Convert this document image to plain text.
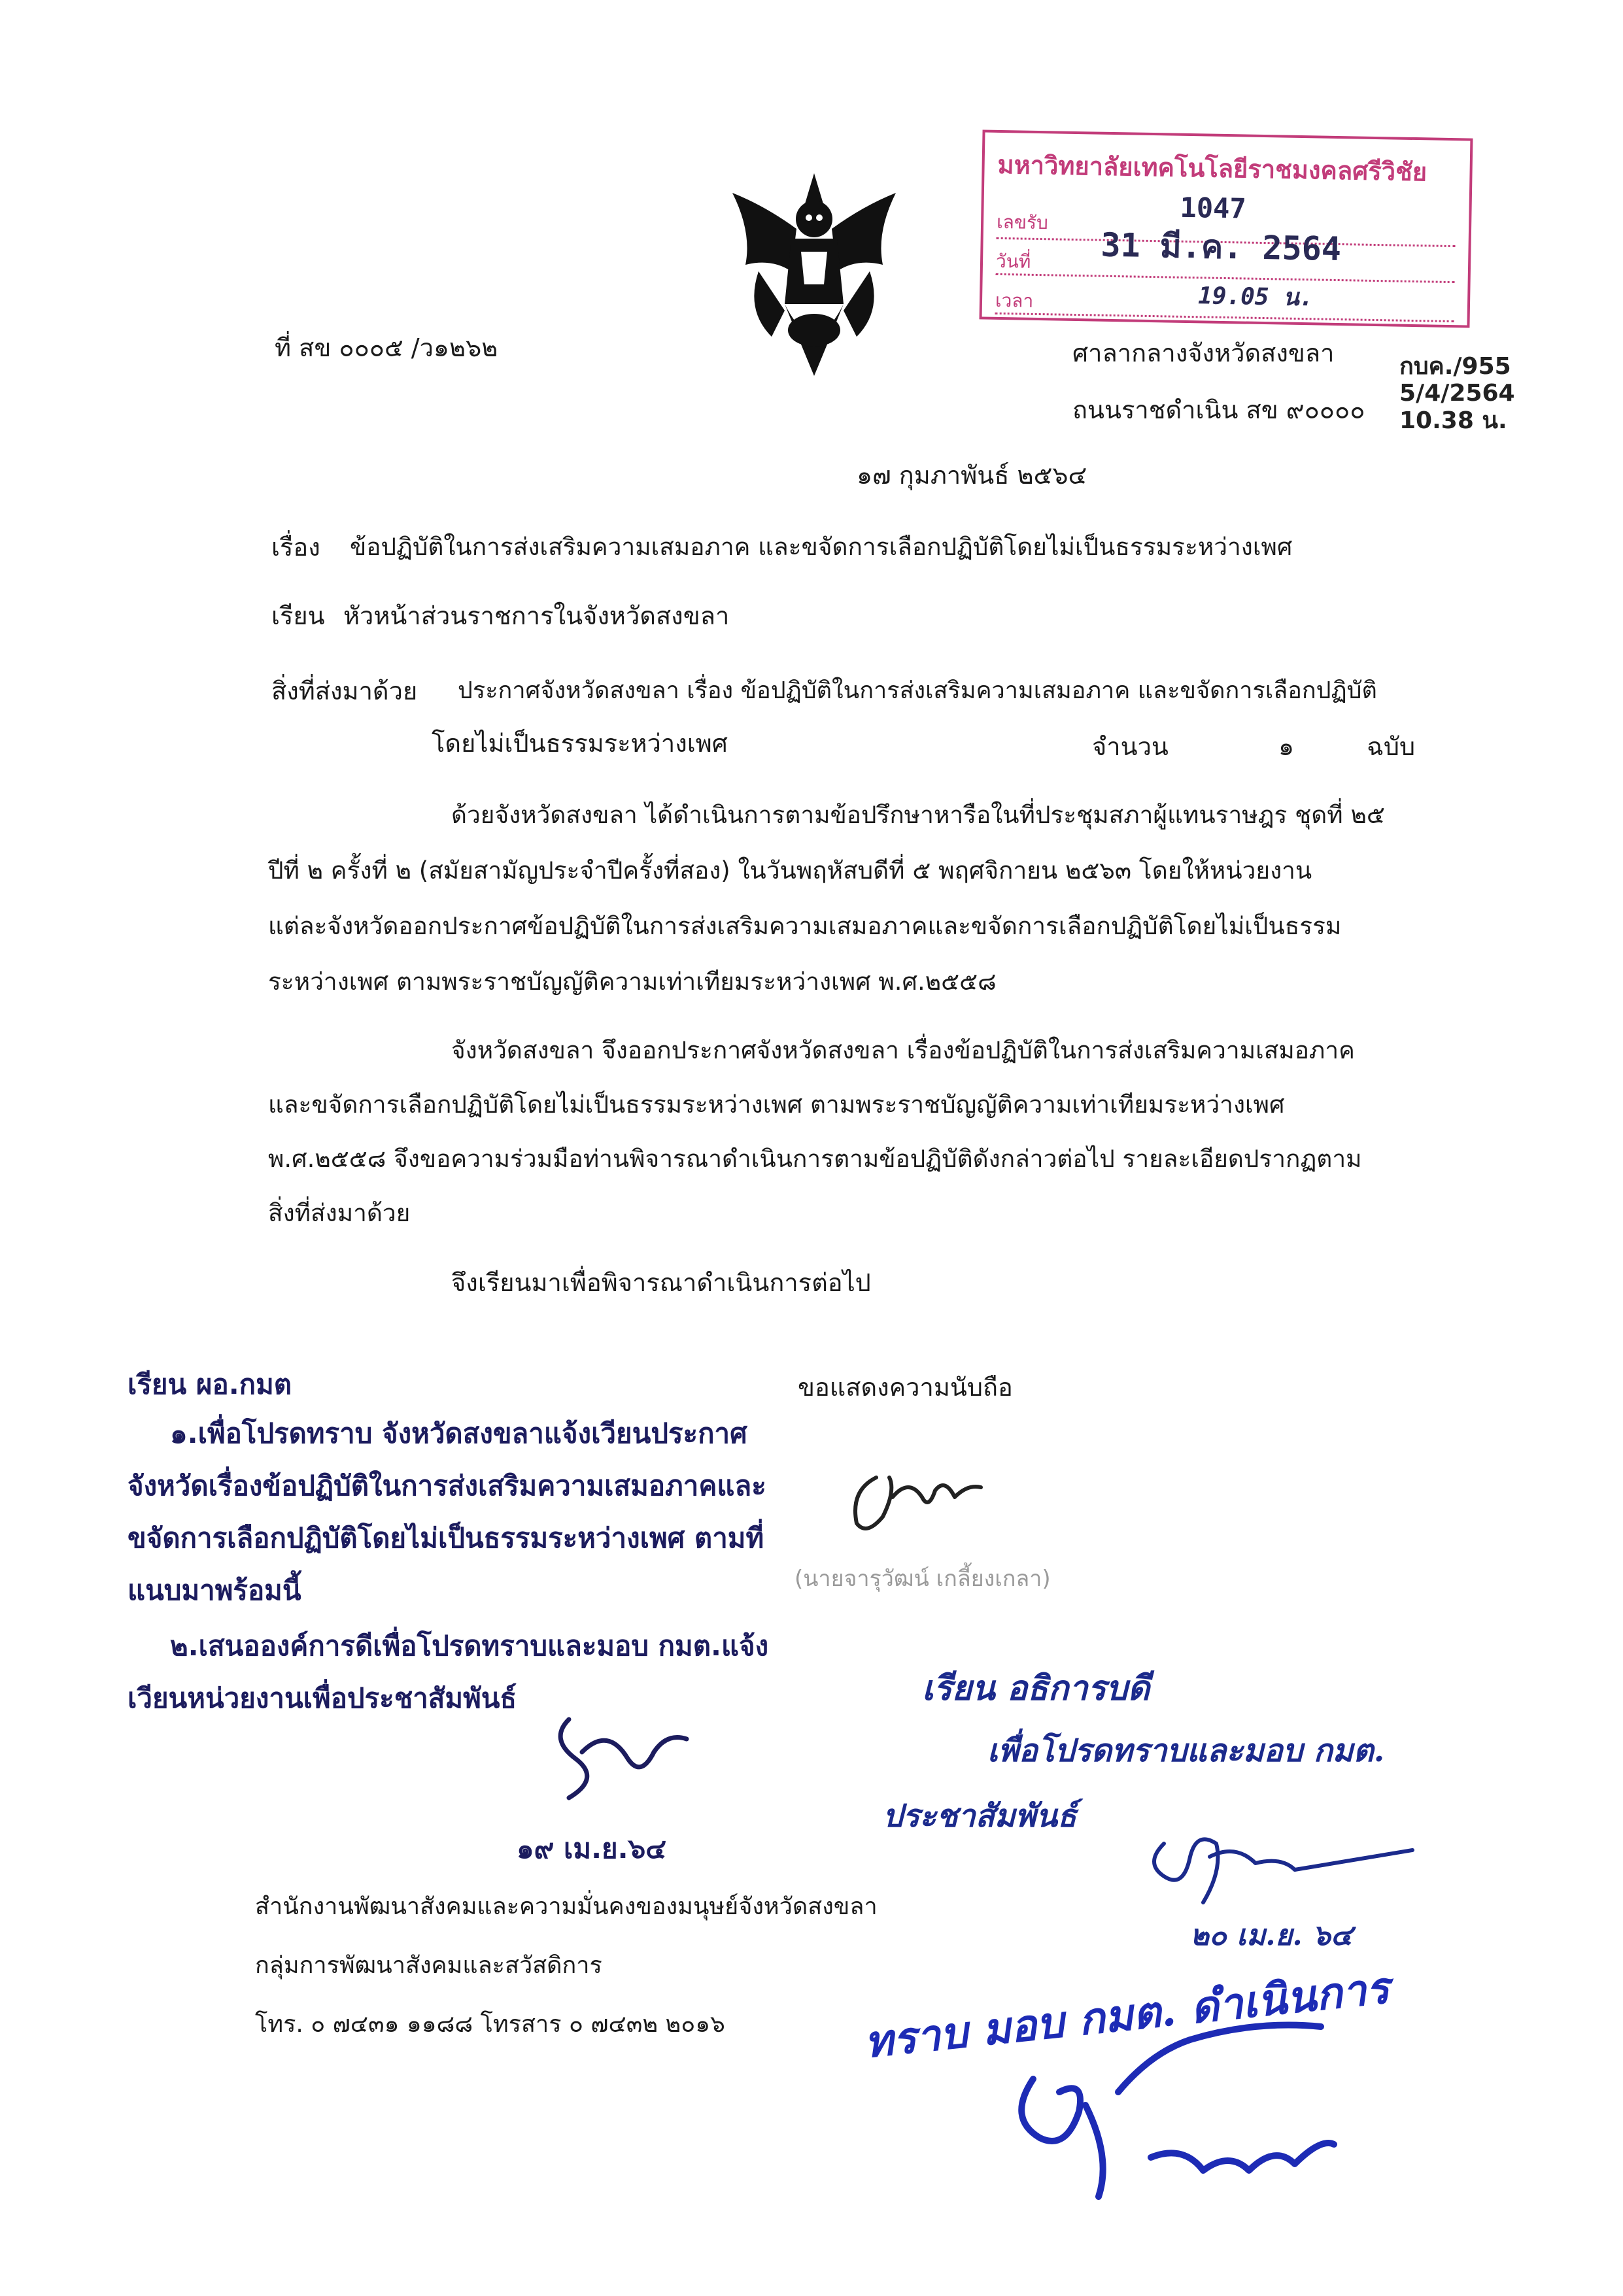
มหาวิทยาลัยเทคโนโลยีราชมงคลศรีวิชัย
เลขรับ	1047
วันที่	31 มี.ค. 2564
เวลา	19.05 น.
ที่ สข ๐๐๐๕ /ว๑๒๖๒	ศาลากลางจังหวัดสงขลา
ถนนราชดำเนิน สข ๙๐๐๐๐
กบค./955
5/4/2564
10.38 น.
๑๗ กุมภาพันธ์ ๒๕๖๔
เรื่อง ข้อปฏิบัติในการส่งเสริมความเสมอภาค และขจัดการเลือกปฏิบัติโดยไม่เป็นธรรมระหว่างเพศ
เรียน หัวหน้าส่วนราชการในจังหวัดสงขลา
สิ่งที่ส่งมาด้วย ประกาศจังหวัดสงขลา เรื่อง ข้อปฏิบัติในการส่งเสริมความเสมอภาค และขจัดการเลือกปฏิบัติ
โดยไม่เป็นธรรมระหว่างเพศ	จำนวน	๑	ฉบับ
ด้วยจังหวัดสงขลา ได้ดำเนินการตามข้อปรึกษาหารือในที่ประชุมสภาผู้แทนราษฎร ชุดที่ ๒๕
ปีที่ ๒ ครั้งที่ ๒ (สมัยสามัญประจำปีครั้งที่สอง) ในวันพฤหัสบดีที่ ๕ พฤศจิกายน ๒๕๖๓ โดยให้หน่วยงาน
แต่ละจังหวัดออกประกาศข้อปฏิบัติในการส่งเสริมความเสมอภาคและขจัดการเลือกปฏิบัติโดยไม่เป็นธรรม
ระหว่างเพศ ตามพระราชบัญญัติความเท่าเทียมระหว่างเพศ พ.ศ.๒๕๕๘
จังหวัดสงขลา จึงออกประกาศจังหวัดสงขลา เรื่องข้อปฏิบัติในการส่งเสริมความเสมอภาค
และขจัดการเลือกปฏิบัติโดยไม่เป็นธรรมระหว่างเพศ ตามพระราชบัญญัติความเท่าเทียมระหว่างเพศ
พ.ศ.๒๕๕๘ จึงขอความร่วมมือท่านพิจารณาดำเนินการตามข้อปฏิบัติดังกล่าวต่อไป รายละเอียดปรากฏตาม
สิ่งที่ส่งมาด้วย
จึงเรียนมาเพื่อพิจารณาดำเนินการต่อไป
เรียน ผอ.กมต
๑.เพื่อโปรดทราบ จังหวัดสงขลาแจ้งเวียนประกาศ
จังหวัดเรื่องข้อปฏิบัติในการส่งเสริมความเสมอภาคและ
ขจัดการเลือกปฏิบัติโดยไม่เป็นธรรมระหว่างเพศ ตามที่
แนบมาพร้อมนี้
๒.เสนอองค์การดีเพื่อโปรดทราบและมอบ กมต.แจ้ง
เวียนหน่วยงานเพื่อประชาสัมพันธ์
๑๙ เม.ย.๖๔
ขอแสดงความนับถือ
(นายจารุวัฒน์ เกลี้ยงเกลา)
เรียน อธิการบดี
เพื่อโปรดทราบและมอบ กมต.
ประชาสัมพันธ์
๒๐ เม.ย. ๖๔
สำนักงานพัฒนาสังคมและความมั่นคงของมนุษย์จังหวัดสงขลา
กลุ่มการพัฒนาสังคมและสวัสดิการ
โทร. ๐ ๗๔๓๑ ๑๑๘๘ โทรสาร ๐ ๗๔๓๒ ๒๐๑๖	ทราบ มอบ กมต. ดำเนินการ
